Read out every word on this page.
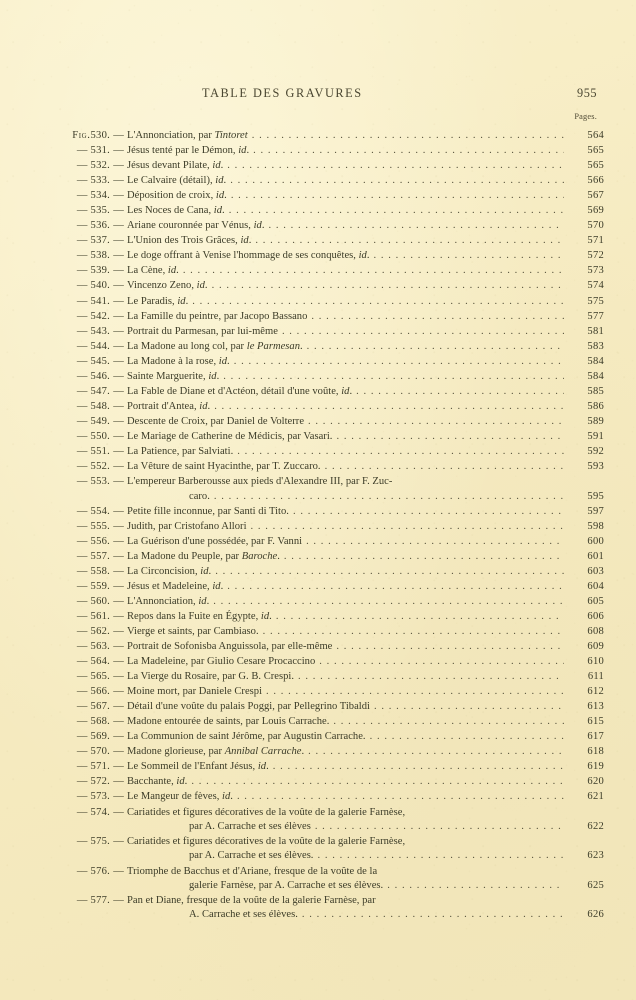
TABLE DES GRAVURES	955
Pages.
Fig.530. — L'Annonciation, par Tintoret . . .	564
— 531. — Jésus tenté par le Démon, id. . . .	565
— 532. — Jésus devant Pilate, id. . . .	565
— 533. — Le Calvaire (détail), id. . . .	566
— 534. — Déposition de croix, id. . . .	567
— 535. — Les Noces de Cana, id. . . .	569
— 536. — Ariane couronnée par Vénus, id. . . .	570
— 537. — L'Union des Trois Grâces, id. . . .	571
— 538. — Le doge offrant à Venise l'hommage de ses conquêtes, id. . . .	572
— 539. — La Cène, id. . . .	573
— 540. — Vincenzo Zeno, id. . . .	574
— 541. — Le Paradis, id. . . .	575
— 542. — La Famille du peintre, par Jacopo Bassano . . .	577
— 543. — Portrait du Parmesan, par lui-même . . .	581
— 544. — La Madone au long col, par le Parmesan. . . .	583
— 545. — La Madone à la rose, id. . . .	584
— 546. — Sainte Marguerite, id. . . .	584
— 547. — La Fable de Diane et d'Actéon, détail d'une voûte, id. . . .	585
— 548. — Portrait d'Antea, id. . . .	586
— 549. — Descente de Croix, par Daniel de Volterre . . .	589
— 550. — Le Mariage de Catherine de Médicis, par Vasari. . . .	591
— 551. — La Patience, par Salviati. . . .	592
— 552. — La Vêture de saint Hyacinthe, par T. Zuccaro. . . .	593
— 553. — L'empereur Barberousse aux pieds d'Alexandre III, par F. Zuc-
caro. . . .	595
— 554. — Petite fille inconnue, par Santi di Tito. . . .	597
— 555. — Judith, par Cristofano Allori . . .	598
— 556. — La Guérison d'une possédée, par F. Vanni . . .	600
— 557. — La Madone du Peuple, par Baroche. . . .	601
— 558. — La Circoncision, id. . . .	603
— 559. — Jésus et Madeleine, id. . . .	604
— 560. — L'Annonciation, id. . . .	605
— 561. — Repos dans la Fuite en Égypte, id. . . .	606
— 562. — Vierge et saints, par Cambiaso. . . .	608
— 563. — Portrait de Sofonisba Anguissola, par elle-même . . .	609
— 564. — La Madeleine, par Giulio Cesare Procaccino . . .	610
— 565. — La Vierge du Rosaire, par G. B. Crespi. . . .	611
— 566. — Moine mort, par Daniele Crespi . . .	612
— 567. — Détail d'une voûte du palais Poggi, par Pellegrino Tibaldi . . .	613
— 568. — Madone entourée de saints, par Louis Carrache. . . .	615
— 569. — La Communion de saint Jérôme, par Augustin Carrache. . . .	617
— 570. — Madone glorieuse, par Annibal Carrache. . . .	618
— 571. — Le Sommeil de l'Enfant Jésus, id. . . .	619
— 572. — Bacchante, id. . . .	620
— 573. — Le Mangeur de fèves, id. . . .	621
— 574. — Cariatides et figures décoratives de la voûte de la galerie Farnèse,
par A. Carrache et ses élèves . . .	622
— 575. — Cariatides et figures décoratives de la voûte de la galerie Farnèse,
par A. Carrache et ses élèves. . . .	623
— 576. — Triomphe de Bacchus et d'Ariane, fresque de la voûte de la
galerie Farnèse, par A. Carrache et ses élèves. . . .	625
— 577. — Pan et Diane, fresque de la voûte de la galerie Farnèse, par
A. Carrache et ses élèves. . . .	626
